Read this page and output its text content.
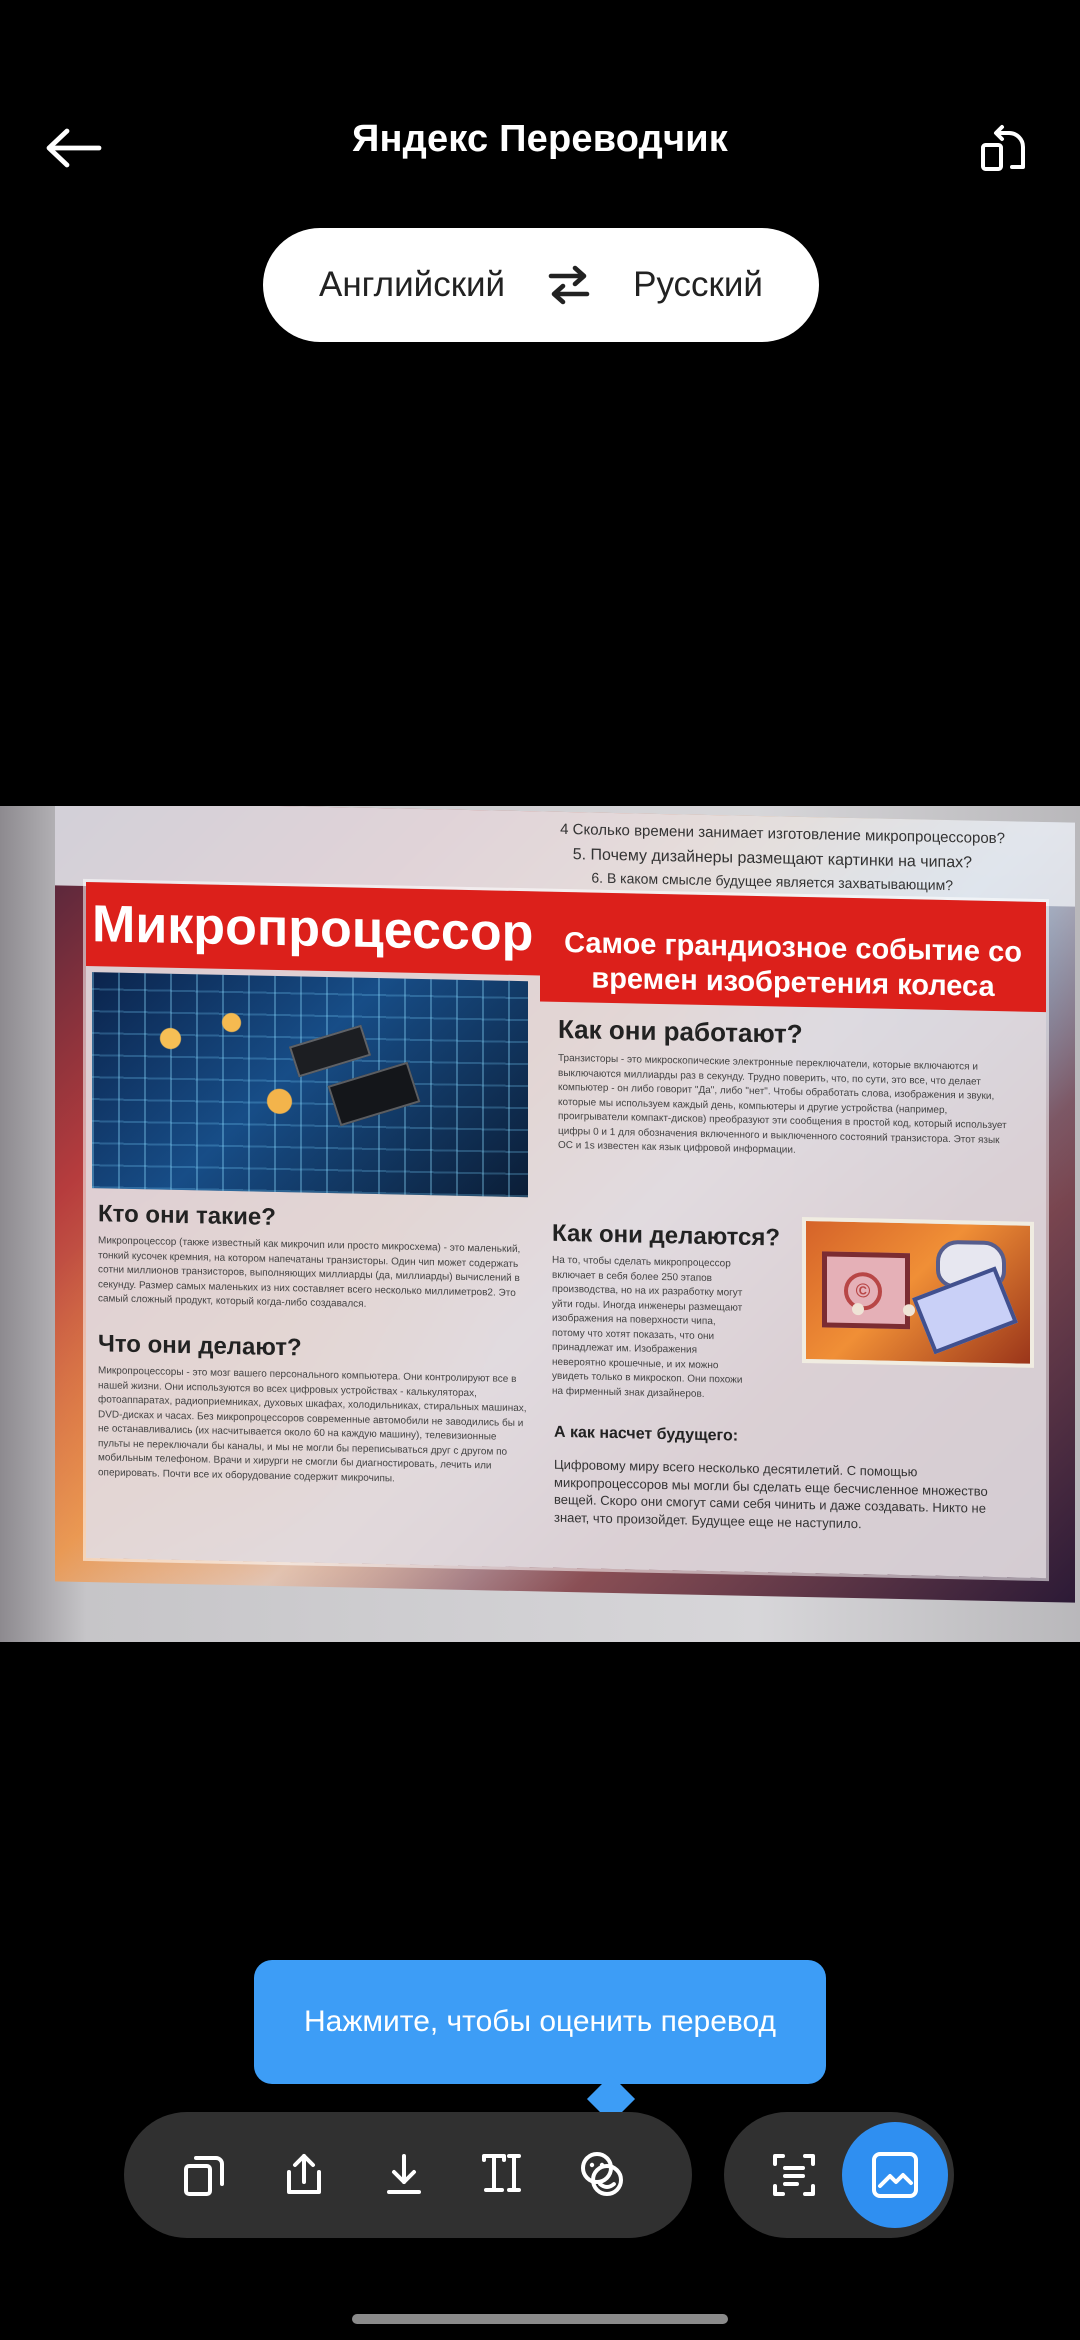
Яндекс Переводчик
Английский	Русский
4 Сколько времени занимает изготовление микропроцессоров?
5. Почему дизайнеры размещают картинки на чипах?
6. В каком смысле будущее является захватывающим?
Микропроцессор	Самое грандиозное событие со времен изобретения колеса
Кто они такие?
Микропроцессор (также известный как микрочип или просто микросхема) - это маленький, тонкий кусочек кремния, на котором напечатаны транзисторы. Один чип может содержать сотни миллионов транзисторов, выполняющих миллиарды (да, миллиарды) вычислений в секунду. Размер самых маленьких из них составляет всего несколько миллиметров2. Это самый сложный продукт, который когда-либо создавался.
Что они делают?
Микропроцессоры - это мозг вашего персонального компьютера. Они контролируют все в нашей жизни. Они используются во всех цифровых устройствах - калькуляторах, фотоаппаратах, радиоприемниках, духовых шкафах, холодильниках, стиральных машинах, DVD-дисках и часах. Без микропроцессоров современные автомобили не заводились бы и не останавливались (их насчитывается около 60 на каждую машину), телевизионные пульты не переключали бы каналы, и мы не могли бы переписываться друг с другом по мобильным телефоном. Врачи и хирурги не смогли бы диагностировать, лечить или оперировать. Почти все их оборудование содержит микрочипы.
Как они работают?
Транзисторы - это микроскопические электронные переключатели, которые включаются и выключаются миллиарды раз в секунду. Трудно поверить, что, по сути, это все, что делает компьютер - он либо говорит "Да", либо "нет". Чтобы обработать слова, изображения и звуки, которые мы используем каждый день, компьютеры и другие устройства (например, проигрыватели компакт-дисков) преобразуют эти сообщения в простой код, который использует цифры 0 и 1 для обозначения включенного и выключенного состояний транзистора. Этот язык ОС и 1s известен как язык цифровой информации.
Как они делаются?
На то, чтобы сделать микропроцессор включает в себя более 250 этапов производства, но на их разработку могут уйти годы. Иногда инженеры размещают изображения на поверхности чипа, потому что хотят показать, что они принадлежат им. Изображения невероятно крошечные, и их можно увидеть только в микроскоп. Они похожи на фирменный знак дизайнеров.
©
А как насчет будущего:
Цифровому миру всего несколько десятилетий. С помощью микропроцессоров мы могли бы сделать еще бесчисленное множество вещей. Скоро они смогут сами себя чинить и даже создавать. Никто не знает, что произойдет. Будущее еще не наступило.
Нажмите, чтобы оценить перевод
